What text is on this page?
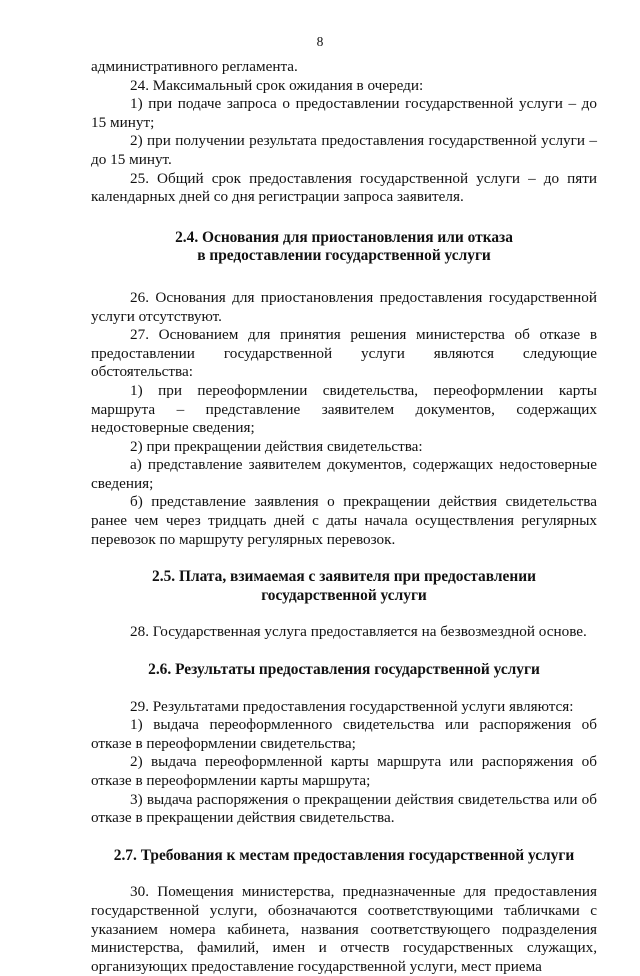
8

административного регламента.

24. Максимальный срок ожидания в очереди:

1) при подаче запроса о предоставлении государственной услуги – до 15 минут;

2) при получении результата предоставления государственной услуги – до 15 минут.

25. Общий срок предоставления государственной услуги – до пяти календарных дней со дня регистрации запроса заявителя.

2.4. Основания для приостановления или отказа
в предоставлении государственной услуги

26. Основания для приостановления предоставления государственной услуги отсутствуют.

27. Основанием для принятия решения министерства об отказе в предоставлении государственной услуги являются следующие обстоятельства:

1) при переоформлении свидетельства, переоформлении карты маршрута – представление заявителем документов, содержащих недостоверные сведения;

2) при прекращении действия свидетельства:

а) представление заявителем документов, содержащих недостоверные сведения;

б) представление заявления о прекращении действия свидетельства ранее чем через тридцать дней с даты начала осуществления регулярных перевозок по маршруту регулярных перевозок.

2.5. Плата, взимаемая с заявителя при предоставлении
государственной услуги

28. Государственная услуга предоставляется на безвозмездной основе.

2.6. Результаты предоставления государственной услуги

29. Результатами предоставления государственной услуги являются:

1) выдача переоформленного свидетельства или распоряжения об отказе в переоформлении свидетельства;

2) выдача переоформленной карты маршрута или распоряжения об отказе в переоформлении карты маршрута;

3) выдача распоряжения о прекращении действия свидетельства или об отказе в прекращении действия свидетельства.

2.7. Требования к местам предоставления государственной услуги

30. Помещения министерства, предназначенные для предоставления государственной услуги, обозначаются соответствующими табличками с указанием номера кабинета, названия соответствующего подразделения министерства, фамилий, имен и отчеств государственных служащих, организующих предоставление государственной услуги, мест приема
